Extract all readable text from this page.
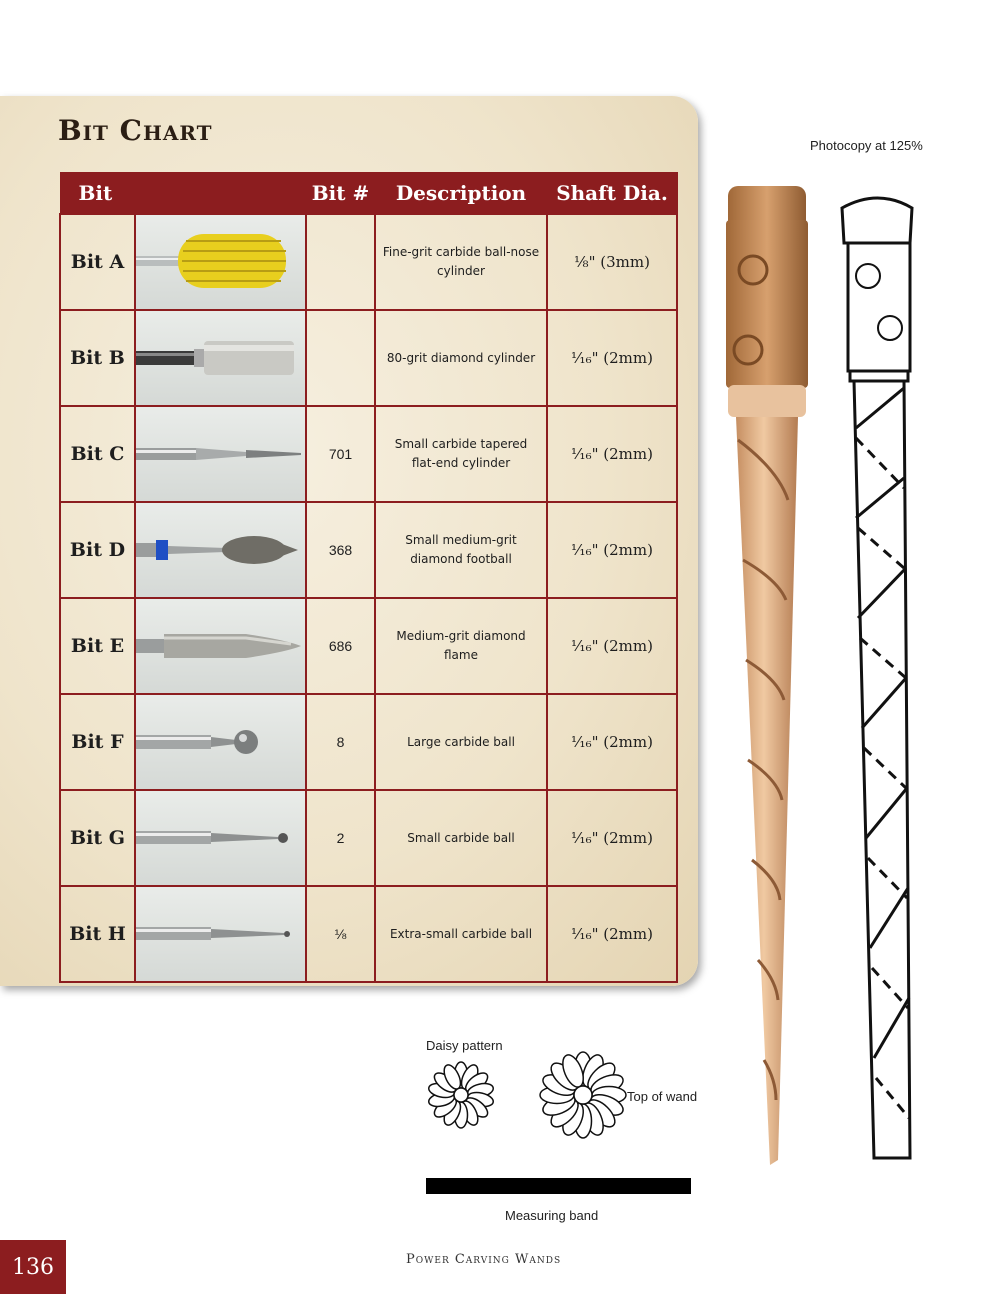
Bit Chart	Photocopy at 125%
Bit		Bit #	Description	Shaft Dia.
Bit A			Fine-grit carbide ball-nose cylinder	⅛" (3mm)
Bit B			80-grit diamond cylinder	¹⁄₁₆" (2mm)
Bit C		701	Small carbide tapered flat-end cylinder	¹⁄₁₆" (2mm)
Bit D		368	Small medium-grit diamond football	¹⁄₁₆" (2mm)
Bit E		686	Medium-grit diamond flame	¹⁄₁₆" (2mm)
Bit F		8	Large carbide ball	¹⁄₁₆" (2mm)
Bit G		2	Small carbide ball	¹⁄₁₆" (2mm)
Bit H		⅛	Extra-small carbide ball	¹⁄₁₆" (2mm)
Daisy pattern
Top of wand
Measuring band
136	Power Carving Wands
